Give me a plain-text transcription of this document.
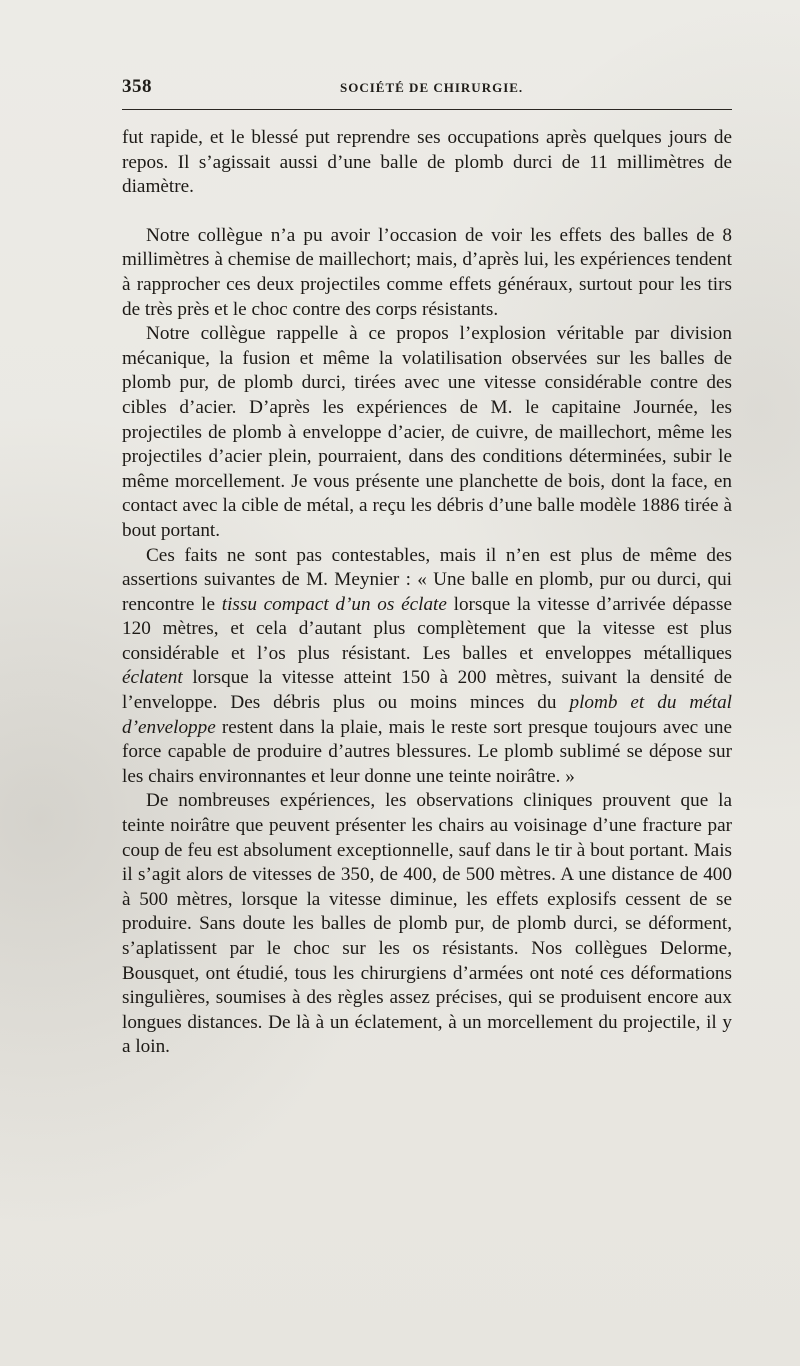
358	SOCIÉTÉ DE CHIRURGIE.

fut rapide, et le blessé put reprendre ses occupations après quelques jours de repos. Il s’agissait aussi d’une balle de plomb durci de 11 millimètres de diamètre.

Notre collègue n’a pu avoir l’occasion de voir les effets des balles de 8 millimètres à chemise de maillechort; mais, d’après lui, les expériences tendent à rapprocher ces deux projectiles comme effets généraux, surtout pour les tirs de très près et le choc contre des corps résistants.

Notre collègue rappelle à ce propos l’explosion véritable par division mécanique, la fusion et même la volatilisation observées sur les balles de plomb pur, de plomb durci, tirées avec une vitesse considérable contre des cibles d’acier. D’après les expériences de M. le capitaine Journée, les projectiles de plomb à enveloppe d’acier, de cuivre, de maillechort, même les projectiles d’acier plein, pourraient, dans des conditions déterminées, subir le même morcellement. Je vous présente une planchette de bois, dont la face, en contact avec la cible de métal, a reçu les débris d’une balle modèle 1886 tirée à bout portant.

Ces faits ne sont pas contestables, mais il n’en est plus de même des assertions suivantes de M. Meynier : « Une balle en plomb, pur ou durci, qui rencontre le tissu compact d’un os éclate lorsque la vitesse d’arrivée dépasse 120 mètres, et cela d’autant plus complètement que la vitesse est plus considérable et l’os plus résistant. Les balles et enveloppes métalliques éclatent lorsque la vitesse atteint 150 à 200 mètres, suivant la densité de l’enveloppe. Des débris plus ou moins minces du plomb et du métal d’enveloppe restent dans la plaie, mais le reste sort presque toujours avec une force capable de produire d’autres blessures. Le plomb sublimé se dépose sur les chairs environnantes et leur donne une teinte noirâtre. »

De nombreuses expériences, les observations cliniques prouvent que la teinte noirâtre que peuvent présenter les chairs au voisinage d’une fracture par coup de feu est absolument exceptionnelle, sauf dans le tir à bout portant. Mais il s’agit alors de vitesses de 350, de 400, de 500 mètres. A une distance de 400 à 500 mètres, lorsque la vitesse diminue, les effets explosifs cessent de se produire. Sans doute les balles de plomb pur, de plomb durci, se déforment, s’aplatissent par le choc sur les os résistants. Nos collègues Delorme, Bousquet, ont étudié, tous les chirurgiens d’armées ont noté ces déformations singulières, soumises à des règles assez précises, qui se produisent encore aux longues distances. De là à un éclatement, à un morcellement du projectile, il y a loin.
